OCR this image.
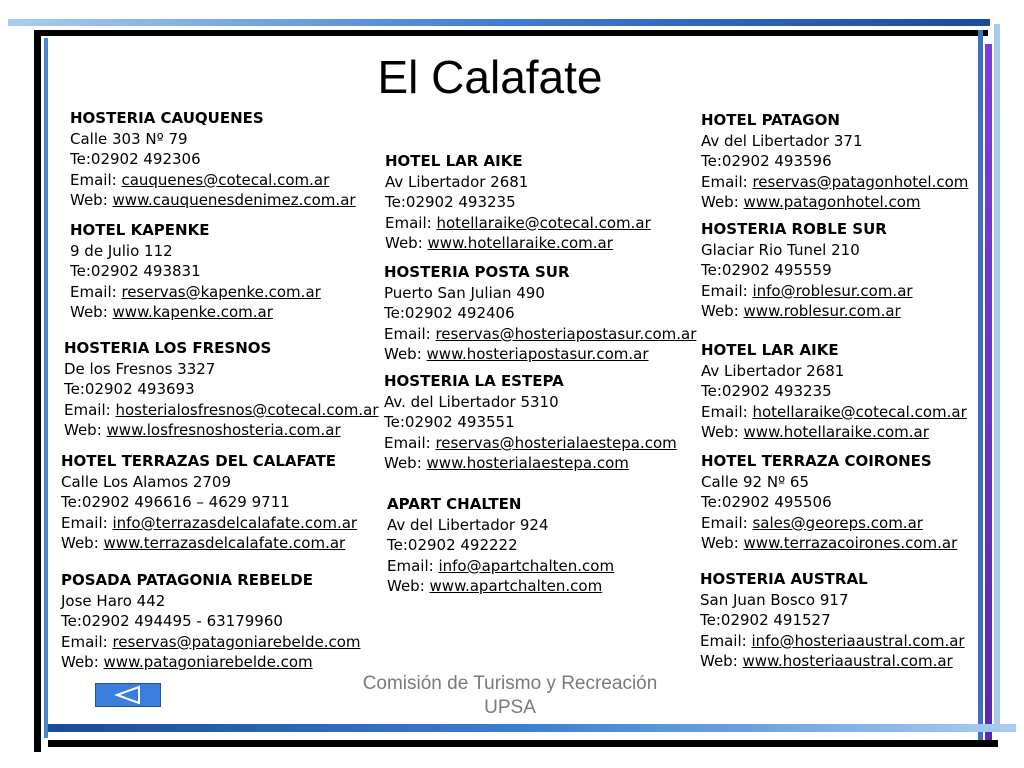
El Calafate
HOSTERIA CAUQUENES
Calle 303 Nº 79
Te:02902 492306
Email: cauquenes@cotecal.com.ar
Web: www.cauquenesdenimez.com.ar
HOTEL KAPENKE
9 de Julio 112
Te:02902 493831
Email: reservas@kapenke.com.ar
Web: www.kapenke.com.ar
HOSTERIA LOS FRESNOS
De los Fresnos 3327
Te:02902 493693
Email: hosterialosfresnos@cotecal.com.ar
Web: www.losfresnoshosteria.com.ar
HOTEL TERRAZAS DEL CALAFATE
Calle Los Alamos 2709
Te:02902 496616 – 4629 9711
Email: info@terrazasdelcalafate.com.ar
Web: www.terrazasdelcalafate.com.ar
POSADA PATAGONIA REBELDE
Jose Haro 442
Te:02902 494495 - 63179960
Email: reservas@patagoniarebelde.com
Web: www.patagoniarebelde.com
HOTEL LAR AIKE
Av Libertador 2681
Te:02902 493235
Email: hotellaraike@cotecal.com.ar
Web: www.hotellaraike.com.ar
HOSTERIA POSTA SUR
Puerto San Julian 490
Te:02902 492406
Email: reservas@hosteriapostasur.com.ar
Web: www.hosteriapostasur.com.ar
HOSTERIA LA ESTEPA
Av. del Libertador 5310
Te:02902 493551
Email: reservas@hosterialaestepa.com
Web: www.hosterialaestepa.com
APART CHALTEN
Av del Libertador 924
Te:02902 492222
Email: info@apartchalten.com
Web: www.apartchalten.com
HOTEL PATAGON
Av del Libertador 371
Te:02902 493596
Email: reservas@patagonhotel.com
Web: www.patagonhotel.com
HOSTERIA ROBLE SUR
Glaciar Rio Tunel 210
Te:02902 495559
Email: info@roblesur.com.ar
Web: www.roblesur.com.ar
HOTEL LAR AIKE
Av Libertador 2681
Te:02902 493235
Email: hotellaraike@cotecal.com.ar
Web: www.hotellaraike.com.ar
HOTEL TERRAZA COIRONES
Calle 92 Nº 65
Te:02902 495506
Email: sales@georeps.com.ar
Web: www.terrazacoirones.com.ar
HOSTERIA AUSTRAL
San Juan Bosco 917
Te:02902 491527
Email: info@hosteriaaustral.com.ar
Web: www.hosteriaaustral.com.ar
Comisión de Turismo y Recreación
UPSA
